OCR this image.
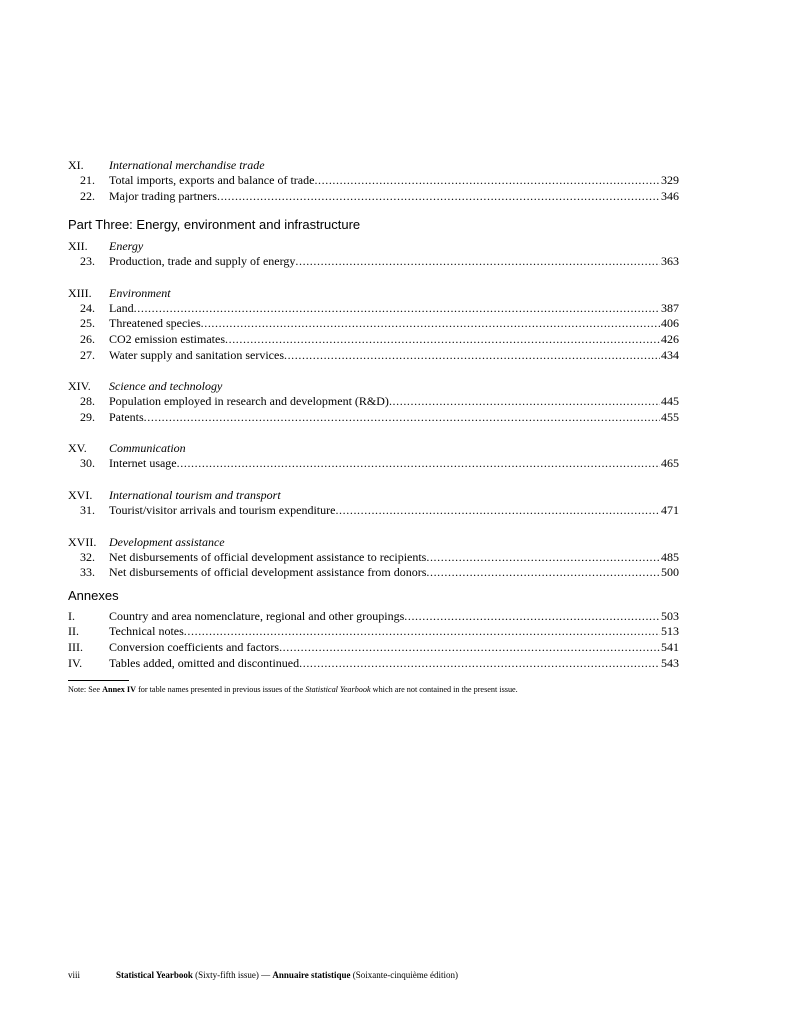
XI.	International merchandise trade
21.	Total imports, exports and balance of trade .....	329
22.	Major trading partners .....	346
Part Three: Energy, environment and infrastructure
XII.	Energy
23.	Production, trade and supply of energy .....	363
XIII.	Environment
24.	Land .....	387
25.	Threatened species .....	406
26.	CO2 emission estimates .....	426
27.	Water supply and sanitation services .....	434
XIV.	Science and technology
28.	Population employed in research and development (R&D) .....	445
29.	Patents .....	455
XV.	Communication
30.	Internet usage .....	465
XVI.	International tourism and transport
31.	Tourist/visitor arrivals and tourism expenditure .....	471
XVII.	Development assistance
32.	Net disbursements of official development assistance to recipients .....	485
33.	Net disbursements of official development assistance from donors .....	500
Annexes
I.	Country and area nomenclature, regional and other groupings .....	503
II.	Technical notes .....	513
III.	Conversion coefficients and factors .....	541
IV.	Tables added, omitted and discontinued .....	543
Note: See Annex IV for table names presented in previous issues of the Statistical Yearbook which are not contained in the present issue.
viii	Statistical Yearbook (Sixty-fifth issue) — Annuaire statistique (Soixante-cinquième édition)
